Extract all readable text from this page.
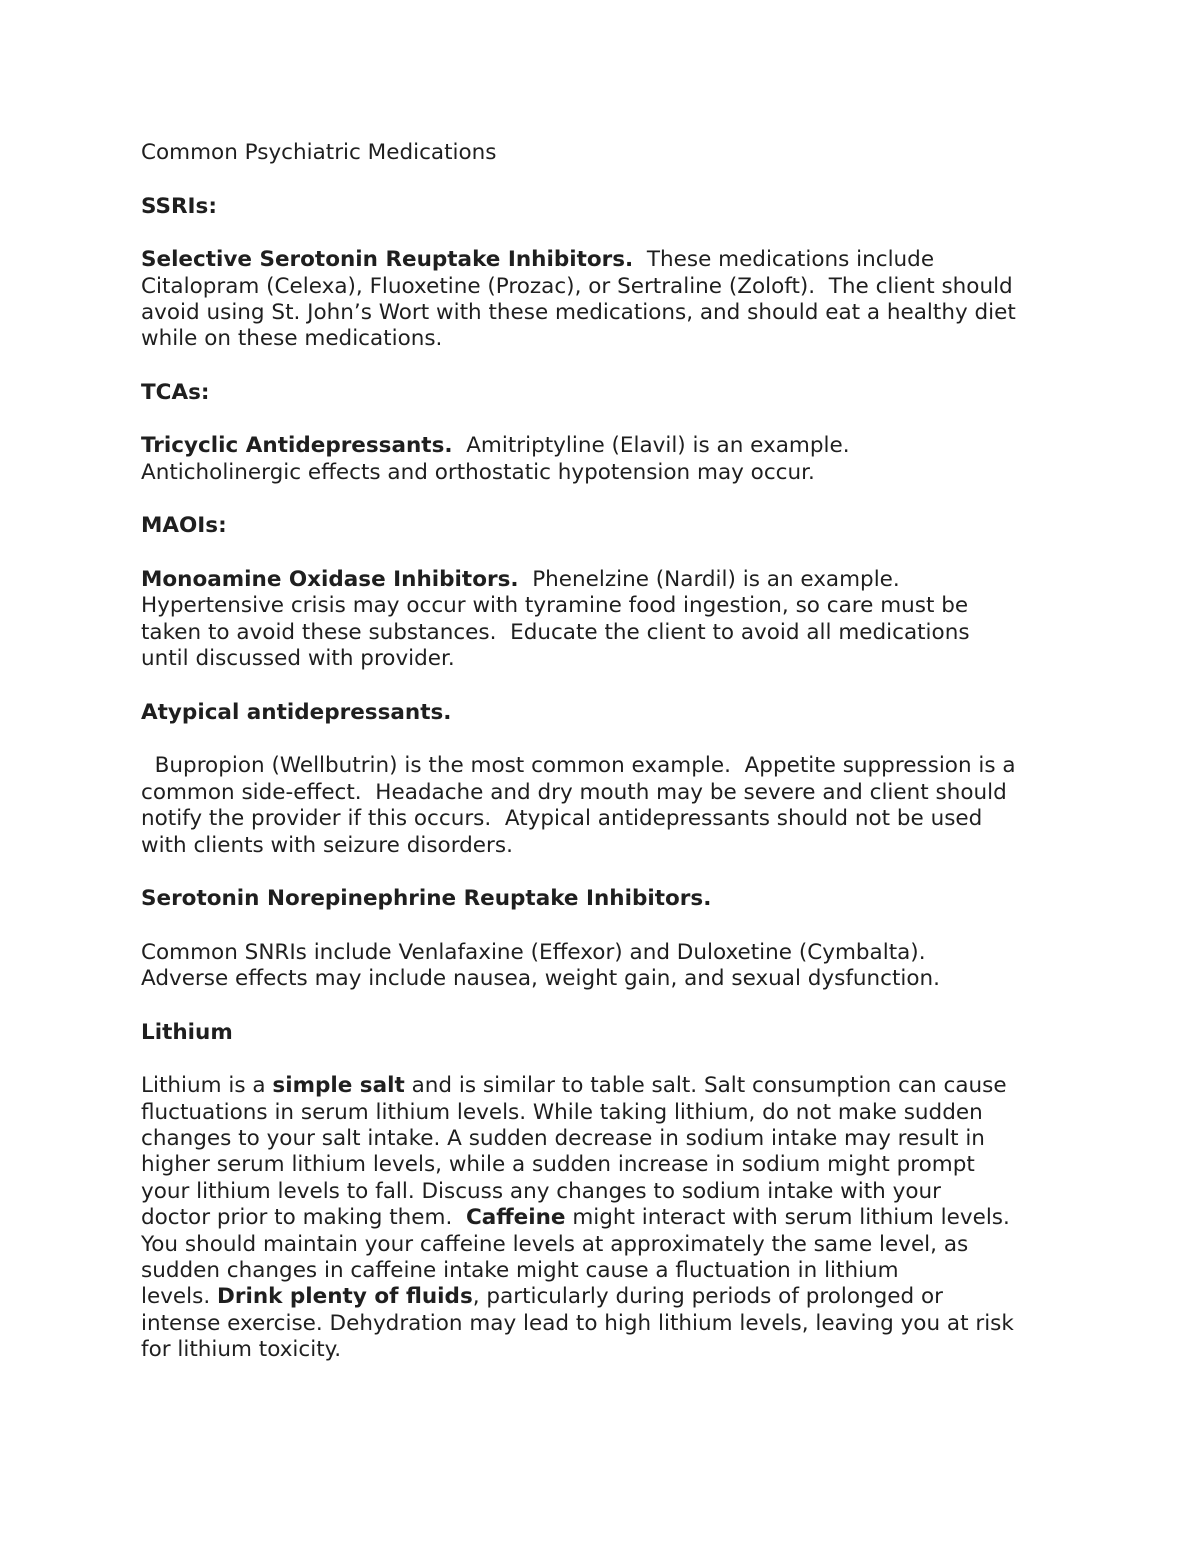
Common Psychiatric Medications
SSRIs:
Selective Serotonin Reuptake Inhibitors.  These medications include
Citalopram (Celexa), Fluoxetine (Prozac), or Sertraline (Zoloft).  The client should
avoid using St. John’s Wort with these medications, and should eat a healthy diet
while on these medications.
TCAs:
Tricyclic Antidepressants.  Amitriptyline (Elavil) is an example.
Anticholinergic effects and orthostatic hypotension may occur.
MAOIs:
Monoamine Oxidase Inhibitors.  Phenelzine (Nardil) is an example.
Hypertensive crisis may occur with tyramine food ingestion, so care must be
taken to avoid these substances.  Educate the client to avoid all medications
until discussed with provider.
Atypical antidepressants.
Bupropion (Wellbutrin) is the most common example.  Appetite suppression is a
common side-effect.  Headache and dry mouth may be severe and client should
notify the provider if this occurs.  Atypical antidepressants should not be used
with clients with seizure disorders.
Serotonin Norepinephrine Reuptake Inhibitors.
Common SNRIs include Venlafaxine (Effexor) and Duloxetine (Cymbalta).
Adverse effects may include nausea, weight gain, and sexual dysfunction.
Lithium
Lithium is a simple salt and is similar to table salt. Salt consumption can cause
fluctuations in serum lithium levels. While taking lithium, do not make sudden
changes to your salt intake. A sudden decrease in sodium intake may result in
higher serum lithium levels, while a sudden increase in sodium might prompt
your lithium levels to fall. Discuss any changes to sodium intake with your
doctor prior to making them.  Caffeine might interact with serum lithium levels.
You should maintain your caffeine levels at approximately the same level, as
sudden changes in caffeine intake might cause a fluctuation in lithium
levels. Drink plenty of fluids, particularly during periods of prolonged or
intense exercise. Dehydration may lead to high lithium levels, leaving you at risk
for lithium toxicity.
